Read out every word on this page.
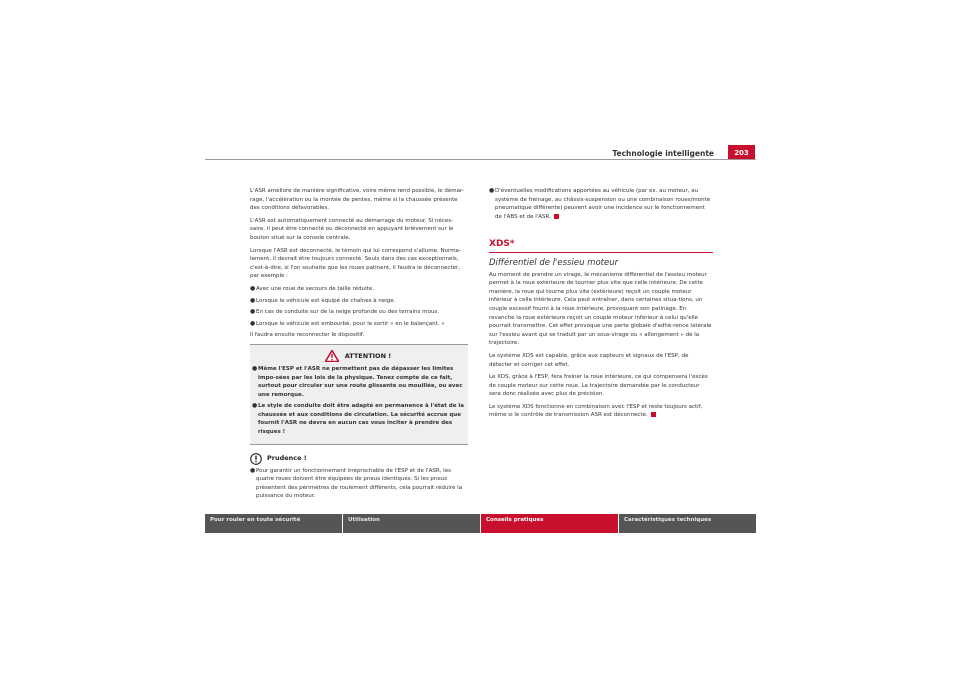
Technologie intelligente	203

L'ASR améliore de manière significative, voire même rend possible, le démar-rage, l'accélération ou la montée de pentes, même si la chaussée présente des conditions défavorables.

L'ASR est automatiquement connecté au démarrage du moteur. Si néces-saire, il peut être connecté ou déconnecté en appuyant brièvement sur le bouton situé sur la console centrale.

Lorsque l'ASR est déconnecté, le témoin qui lui correspond s'allume. Norma-lement, il devrait être toujours connecté. Seuls dans des cas exceptionnels, c'est-à-dire, si l'on souhaite que les roues patinent, il faudra le déconnecter, par exemple :

● Avec une roue de secours de taille réduite.
● Lorsque le véhicule est équipé de chaînes à neige.
● En cas de conduite sur de la neige profonde ou des terrains mous.
● Lorsque le véhicule est embourbé, pour le sortir « en le balançant. »

Il faudra ensuite reconnecter le dispositif.

ATTENTION !
● Même l'ESP et l'ASR ne permettent pas de dépasser les limites impo-sées par les lois de la physique. Tenez compte de ce fait, surtout pour circuler sur une route glissante ou mouillée, ou avec une remorque.
● Le style de conduite doit être adapté en permanence à l'état de la chaussée et aux conditions de circulation. La sécurité accrue que fournit l'ASR ne devra en aucun cas vous inciter à prendre des risques !
Prudence !
● Pour garantir un fonctionnement irréprochable de l'ESP et de l'ASR, les quatre roues doivent être équipées de pneus identiques. Si les pneus présentent des périmètres de roulement différents, cela pourrait réduire la puissance du moteur.
● D'éventuelles modifications apportées au véhicule (par ex. au moteur, au système de freinage, au châssis-suspension ou une combinaison roues/monte pneumatique différente) peuvent avoir une incidence sur le fonctionnement de l'ABS et de l'ASR.
XDS*
Différentiel de l'essieu moteur

Au moment de prendre un virage, le mécanisme différentiel de l'essieu moteur permet à la roue extérieure de tourner plus vite que celle intérieure. De cette manière, la roue qui tourne plus vite (extérieure) reçoit un couple moteur inférieur à celle intérieure. Cela peut entraîner, dans certaines situa-tions, un couple excessif fourni à la roue intérieure, provoquant son patinage. En revanche la roue extérieure reçoit un couple moteur inférieur à celui qu'elle pourrait transmettre. Cet effet provoque une perte globale d'adhé-rence latérale sur l'essieu avant qui se traduit par un sous-virage ou « allongement » de la trajectoire.

Le système XDS est capable, grâce aux capteurs et signaux de l'ESP, de détecter et corriger cet effet.

Le XDS, grâce à l'ESP, fera freiner la roue intérieure, ce qui compensera l'excès de couple moteur sur cette roue. La trajectoire demandée par le conducteur sera donc réalisée avec plus de précision.

Le système XDS fonctionne en combinaison avec l'ESP et reste toujours actif, même si le contrôle de transmission ASR est déconnecté.

Pour rouler en toute sécurité	Utilisation	Conseils pratiques	Caractéristiques techniques
